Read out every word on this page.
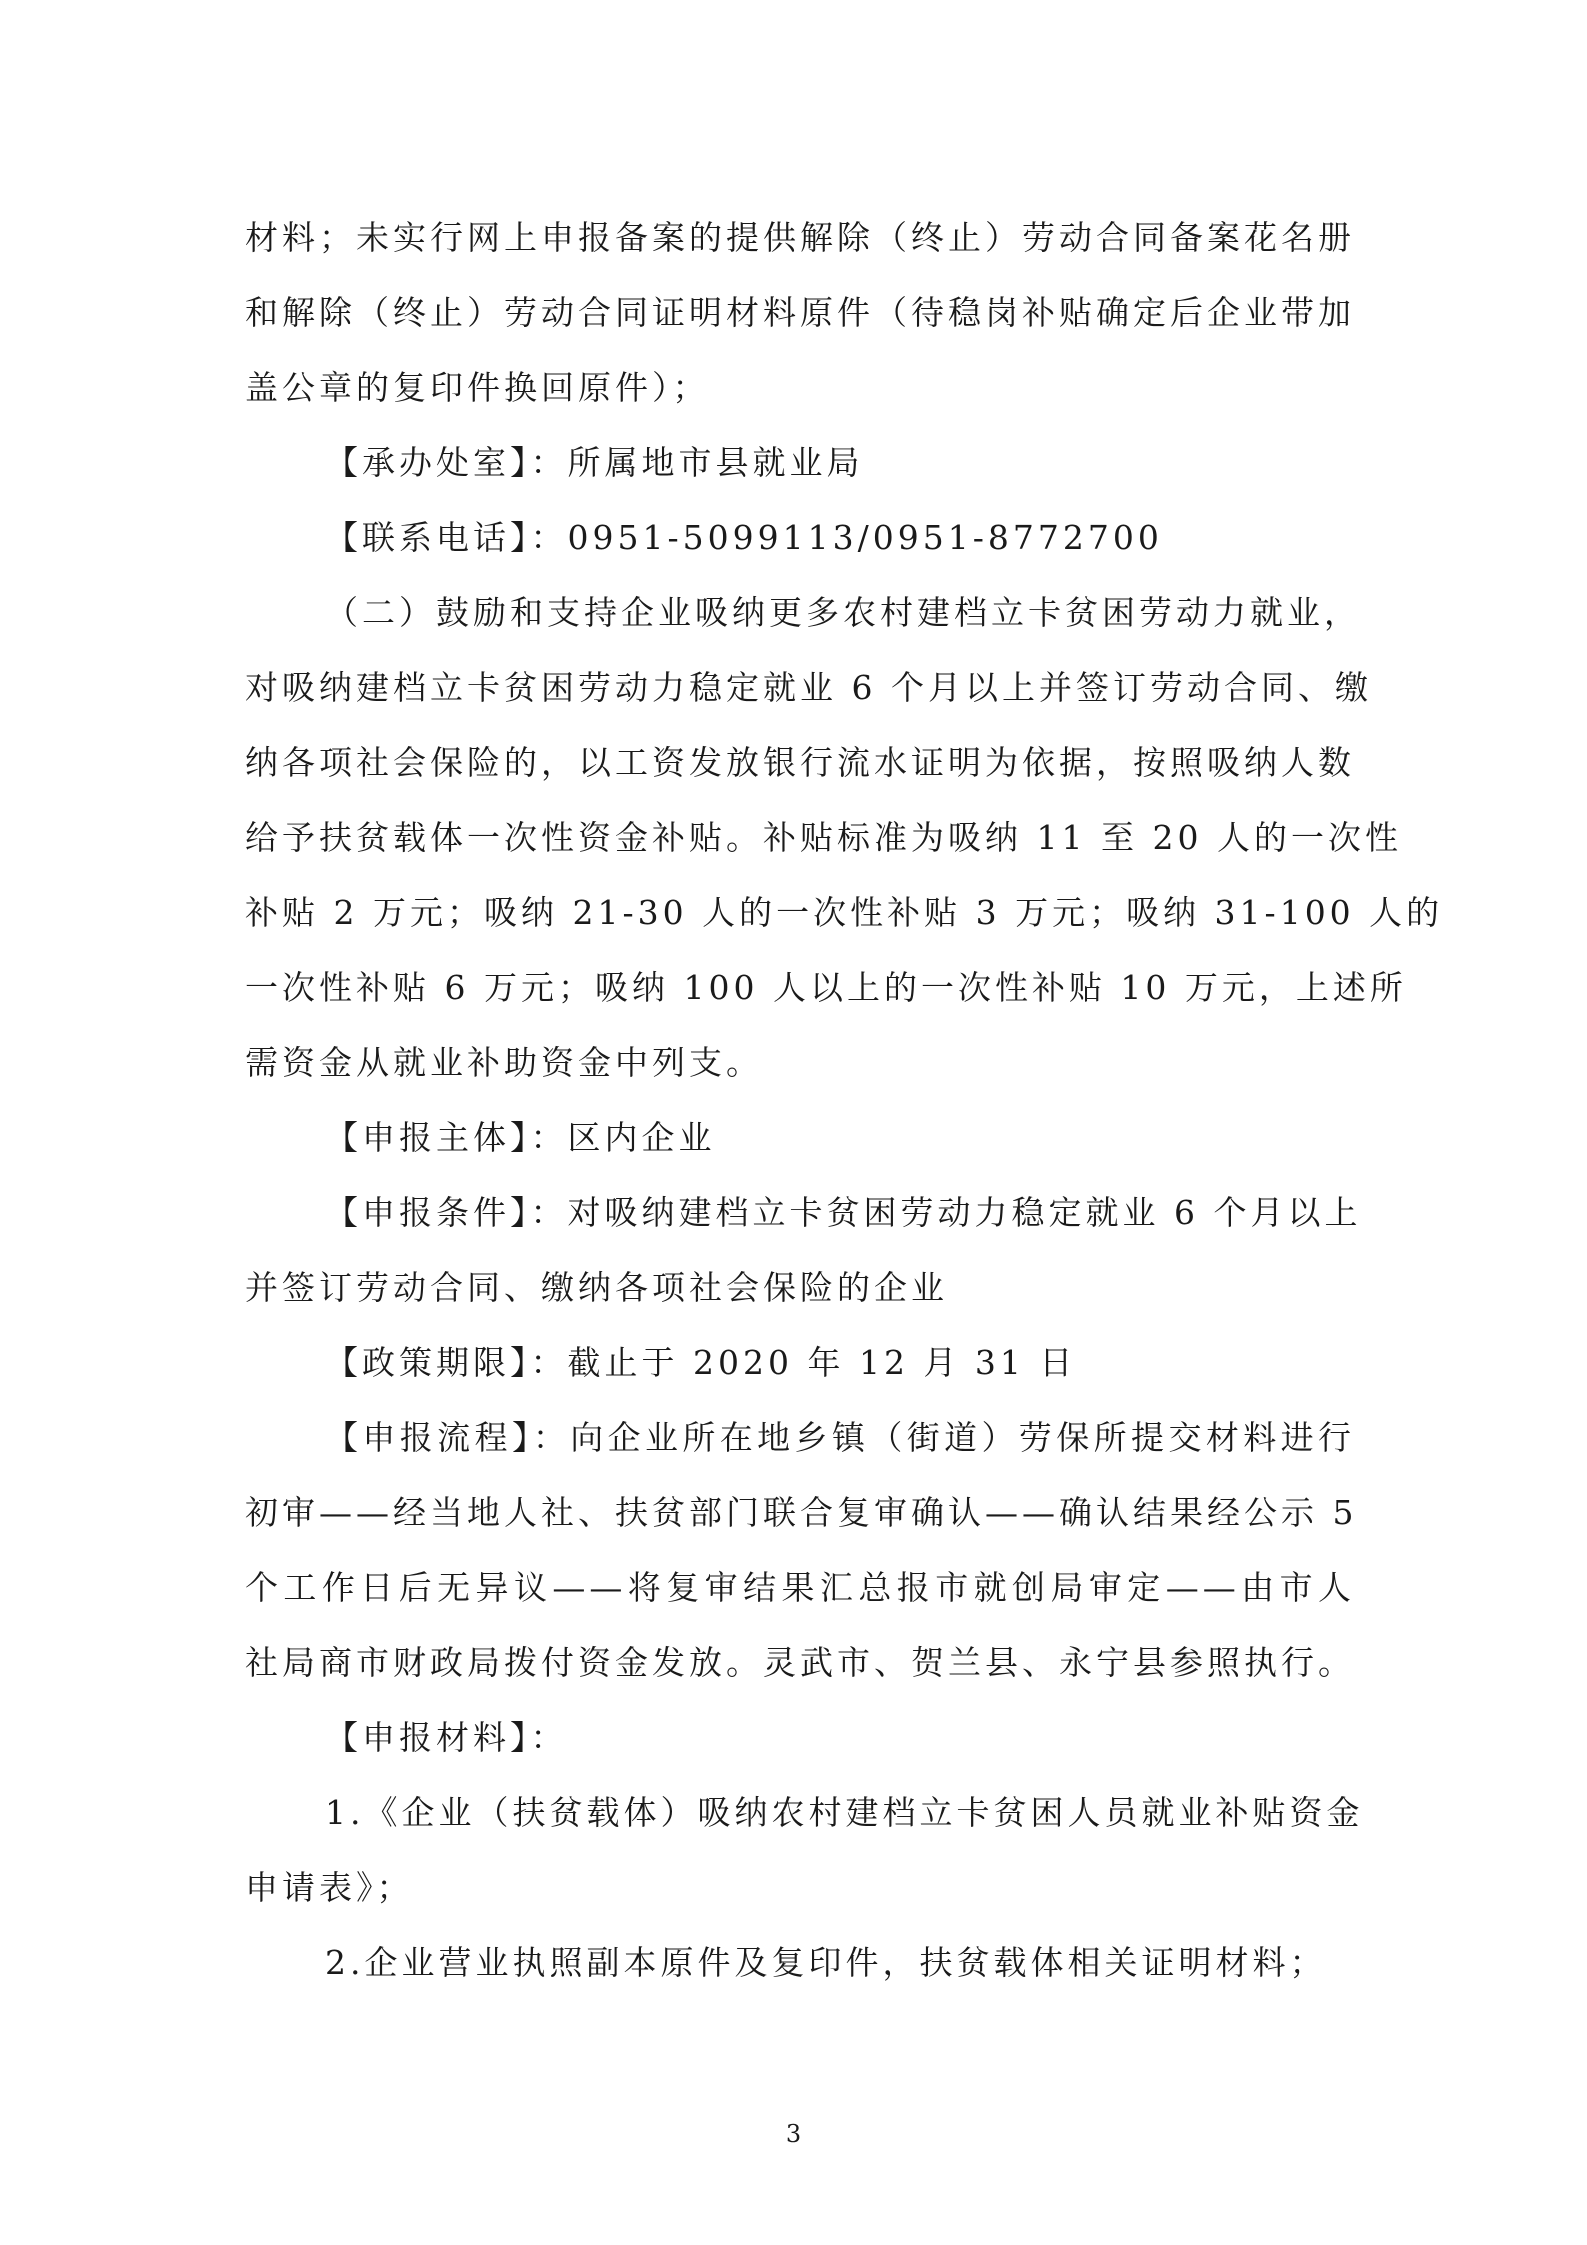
材料；未实行网上申报备案的提供解除（终止）劳动合同备案花名册
和解除（终止）劳动合同证明材料原件（待稳岗补贴确定后企业带加
盖公章的复印件换回原件）；
【承办处室】：所属地市县就业局
【联系电话】：0951-5099113/0951-8772700
（二）鼓励和支持企业吸纳更多农村建档立卡贫困劳动力就业，
对吸纳建档立卡贫困劳动力稳定就业 6 个月以上并签订劳动合同、缴
纳各项社会保险的，以工资发放银行流水证明为依据，按照吸纳人数
给予扶贫载体一次性资金补贴。补贴标准为吸纳 11 至 20 人的一次性
补贴 2 万元；吸纳 21-30 人的一次性补贴 3 万元；吸纳 31-100 人的
一次性补贴 6 万元；吸纳 100 人以上的一次性补贴 10 万元，上述所
需资金从就业补助资金中列支。
【申报主体】：区内企业
【申报条件】：对吸纳建档立卡贫困劳动力稳定就业 6 个月以上
并签订劳动合同、缴纳各项社会保险的企业
【政策期限】：截止于 2020 年 12 月 31 日
【申报流程】：向企业所在地乡镇（街道）劳保所提交材料进行
初审——经当地人社、扶贫部门联合复审确认——确认结果经公示 5
个工作日后无异议——将复审结果汇总报市就创局审定——由市人
社局商市财政局拨付资金发放。灵武市、贺兰县、永宁县参照执行。
【申报材料】：
1.《企业（扶贫载体）吸纳农村建档立卡贫困人员就业补贴资金
申请表》；
2.企业营业执照副本原件及复印件，扶贫载体相关证明材料；
3
